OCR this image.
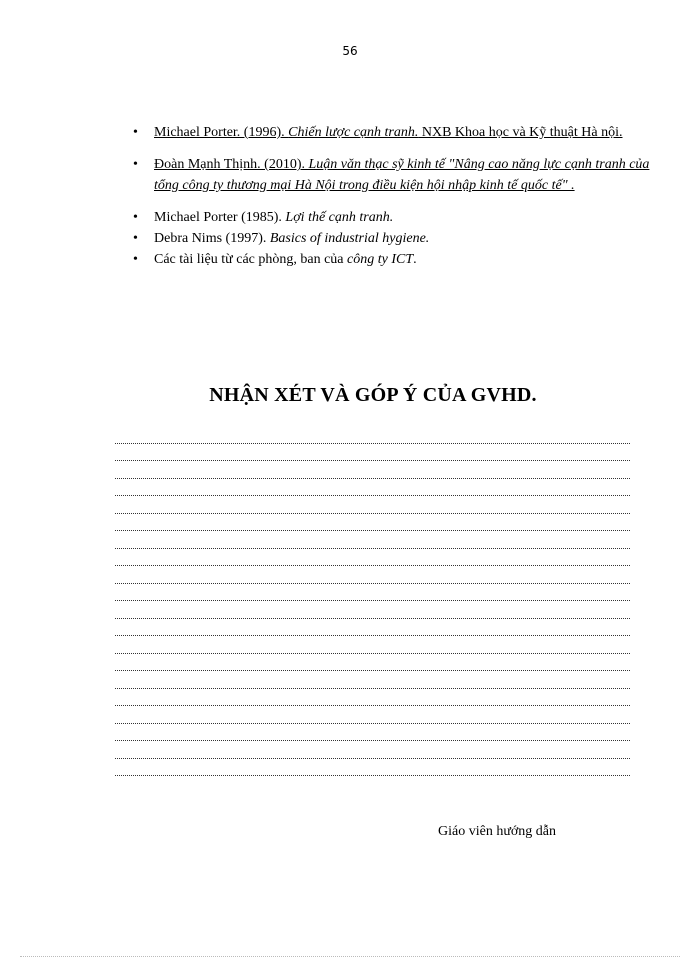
56
• Michael Porter. (1996). Chiến lược cạnh tranh. NXB Khoa học và Kỹ thuật Hà nội.
• Đoàn Mạnh Thịnh. (2010). Luận văn thạc sỹ kinh tế "Nâng cao năng lực cạnh tranh của tổng công ty thương mại Hà Nội trong điều kiện hội nhập kinh tế quốc tế" .
• Michael Porter (1985). Lợi thế cạnh tranh.
• Debra Nims (1997). Basics of industrial hygiene.
• Các tài liệu từ các phòng, ban của công ty ICT.
NHẬN XÉT VÀ GÓP Ý CỦA GVHD.
Giáo viên hướng dẫn
